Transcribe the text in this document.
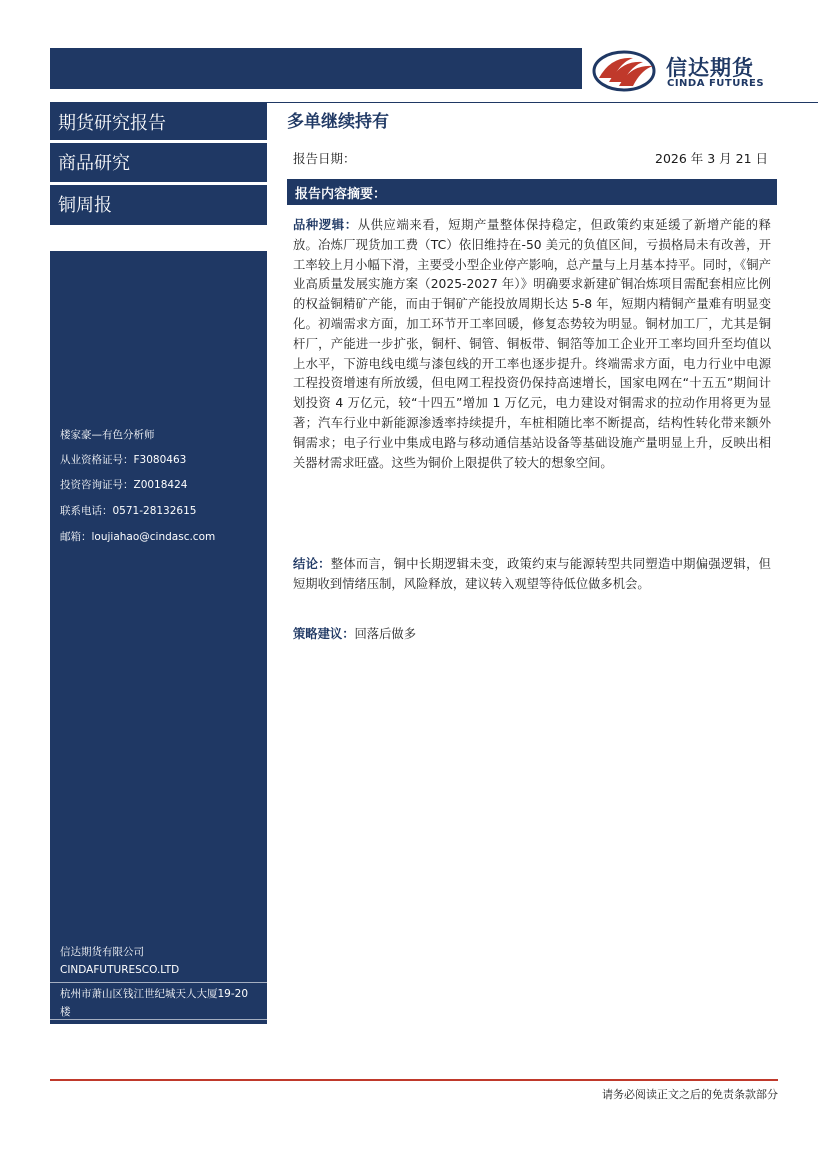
信达期货
CINDA FUTURES
期货研究报告
商品研究
铜周报
楼家豪—有色分析师
从业资格证号：F3080463
投资咨询证号：Z0018424
联系电话：0571-28132615
邮箱：loujiahao@cindasc.com
信达期货有限公司
CINDAFUTURESCO.LTD
杭州市萧山区钱江世纪城天人大厦19-20
楼
邮编：311200
多单继续持有
报告日期：	2026 年 3 月 21 日
报告内容摘要：
品种逻辑：从供应端来看，短期产量整体保持稳定，但政策约束延缓了新增产能的释放。冶炼厂现货加工费（TC）依旧维持在-50 美元的负值区间，亏损格局未有改善，开工率较上月小幅下滑，主要受小型企业停产影响，总产量与上月基本持平。同时，《铜产业高质量发展实施方案（2025-2027 年）》明确要求新建矿铜冶炼项目需配套相应比例的权益铜精矿产能，而由于铜矿产能投放周期长达 5-8 年，短期内精铜产量难有明显变化。初端需求方面，加工环节开工率回暖，修复态势较为明显。铜材加工厂，尤其是铜杆厂，产能进一步扩张，铜杆、铜管、铜板带、铜箔等加工企业开工率均回升至均值以上水平，下游电线电缆与漆包线的开工率也逐步提升。终端需求方面，电力行业中电源工程投资增速有所放缓，但电网工程投资仍保持高速增长，国家电网在“十五五”期间计划投资 4 万亿元，较“十四五”增加 1 万亿元，电力建设对铜需求的拉动作用将更为显著；汽车行业中新能源渗透率持续提升，车桩相随比率不断提高，结构性转化带来额外铜需求；电子行业中集成电路与移动通信基站设备等基础设施产量明显上升，反映出相关器材需求旺盛。这些为铜价上限提供了较大的想象空间。
结论：整体而言，铜中长期逻辑未变，政策约束与能源转型共同塑造中期偏强逻辑，但短期收到情绪压制，风险释放，建议转入观望等待低位做多机会。
策略建议：回落后做多
请务必阅读正文之后的免责条款部分
